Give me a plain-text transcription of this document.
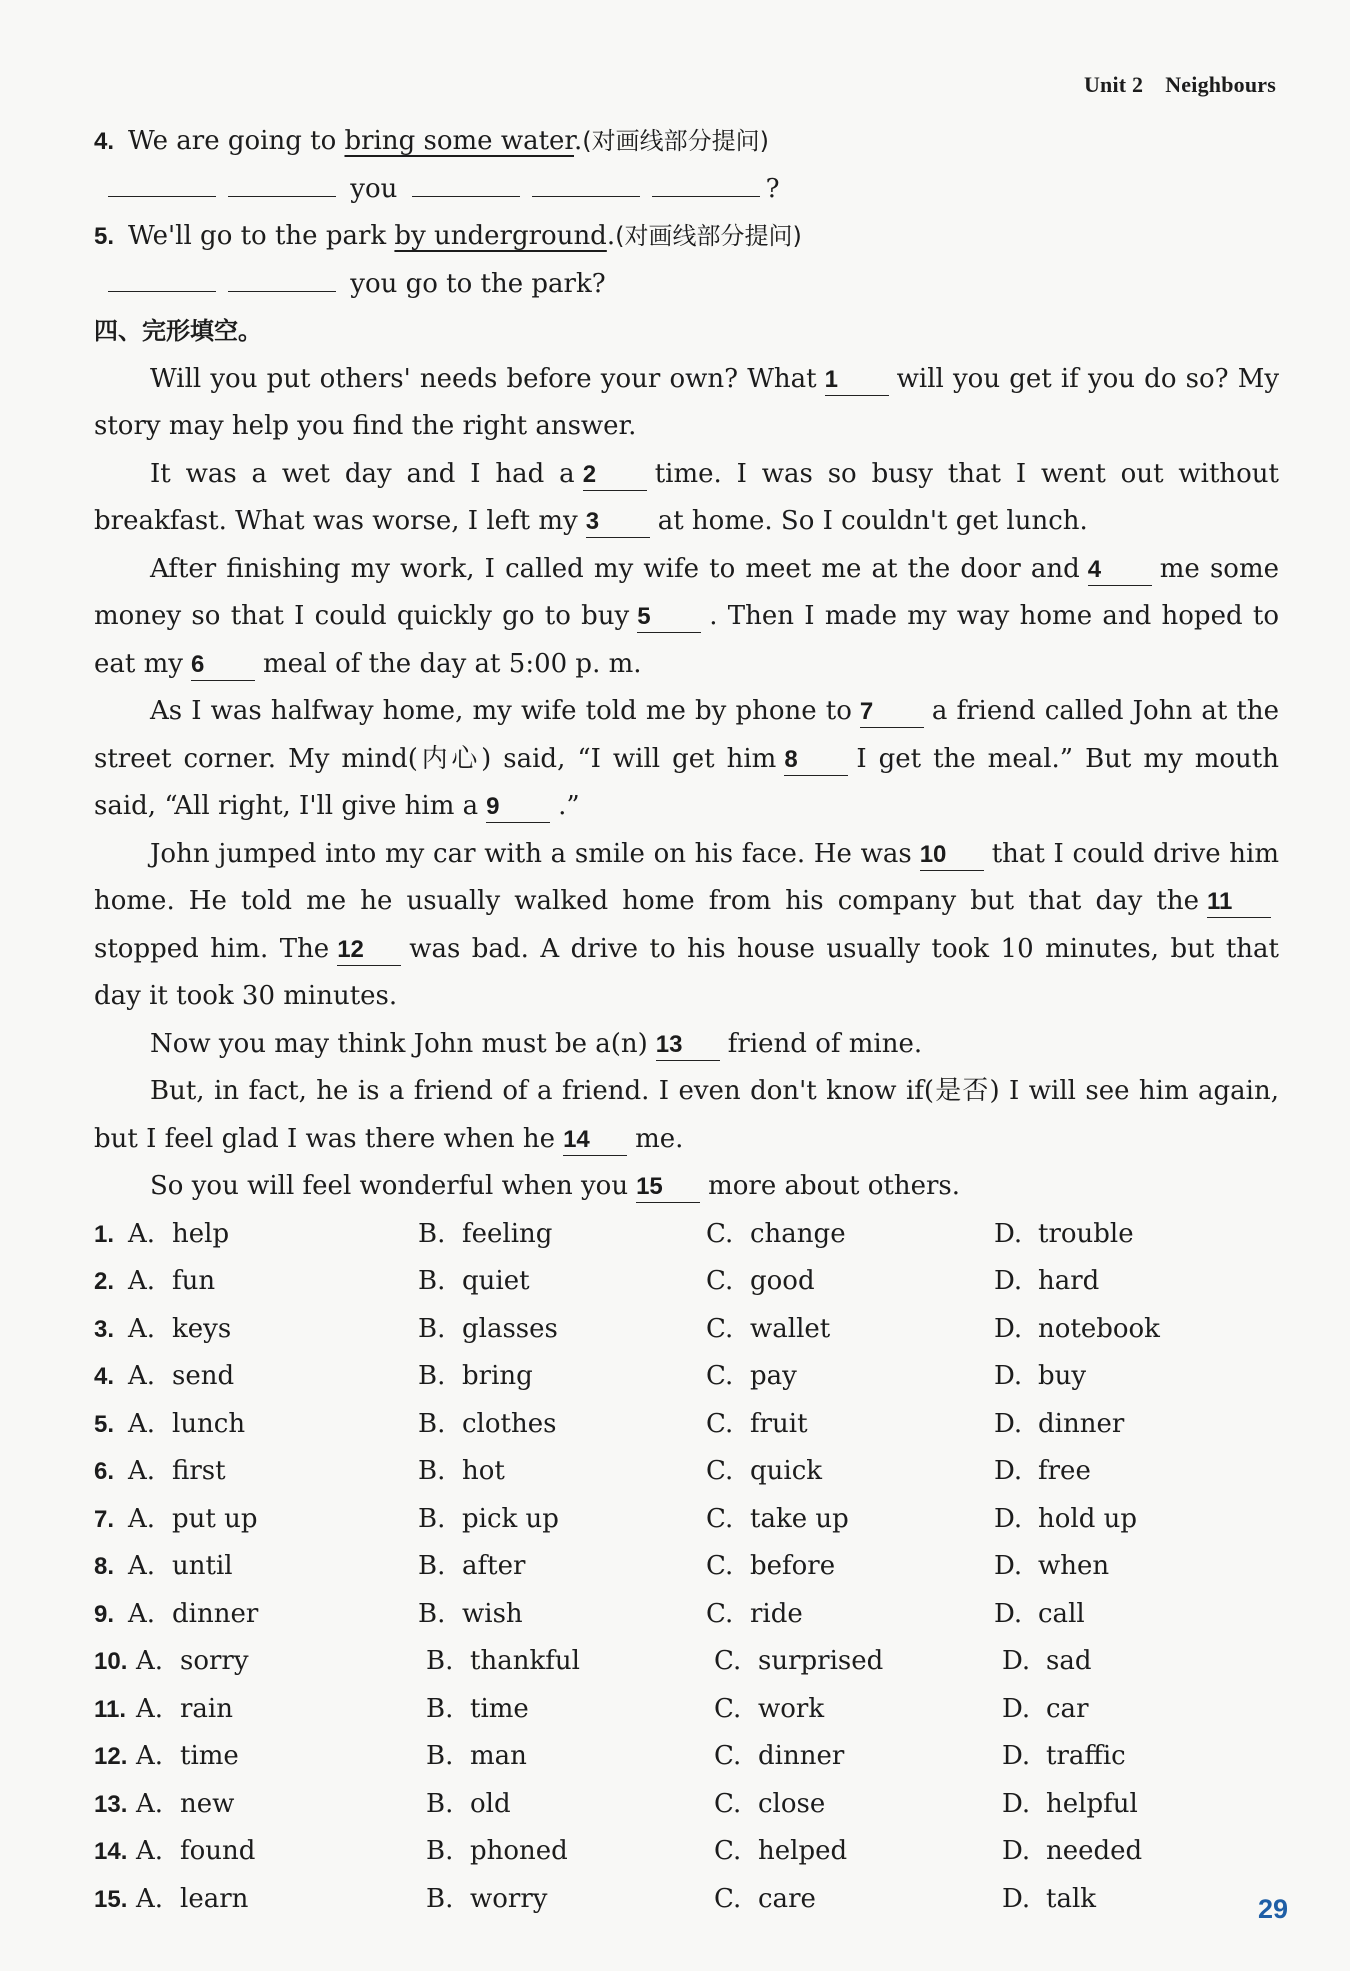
Unit 2 Neighbours
4. We are going to bring some water.(对画线部分提问)
you	?
5. We'll go to the park by underground.(对画线部分提问)
you go to the park?
四、完形填空。

Will you put others' needs before your own? What 1 will you get if you do so? My story may help you find the right answer.

It was a wet day and I had a 2 time. I was so busy that I went out without breakfast. What was worse, I left my 3 at home. So I couldn't get lunch.

After finishing my work, I called my wife to meet me at the door and 4 me some money so that I could quickly go to buy 5 . Then I made my way home and hoped to eat my 6 meal of the day at 5:00 p. m.

As I was halfway home, my wife told me by phone to 7 a friend called John at the street corner. My mind(内心) said, “I will get him 8 I get the meal.” But my mouth said, “All right, I'll give him a 9 .”

John jumped into my car with a smile on his face. He was 10 that I could drive him home. He told me he usually walked home from his company but that day the 11stopped him. The 12 was bad. A drive to his house usually took 10 minutes, but that day it took 30 minutes.

Now you may think John must be a(n) 13 friend of mine.

But, in fact, he is a friend of a friend. I even don't know if(是否) I will see him again, but I feel glad I was there when he 14 me.

So you will feel wonderful when you 15 more about others.

1. A. help	B. feeling	C. change	D. trouble
2. A. fun	B. quiet	C. good	D. hard
3. A. keys	B. glasses	C. wallet	D. notebook
4. A. send	B. bring	C. pay	D. buy
5. A. lunch	B. clothes	C. fruit	D. dinner
6. A. first	B. hot	C. quick	D. free
7. A. put up	B. pick up	C. take up	D. hold up
8. A. until	B. after	C. before	D. when
9. A. dinner	B. wish	C. ride	D. call
10. A. sorry	B. thankful	C. surprised	D. sad
11. A. rain	B. time	C. work	D. car
12. A. time	B. man	C. dinner	D. traffic
13. A. new	B. old	C. close	D. helpful
14. A. found	B. phoned	C. helped	D. needed
15. A. learn	B. worry	C. care	D. talk	29
